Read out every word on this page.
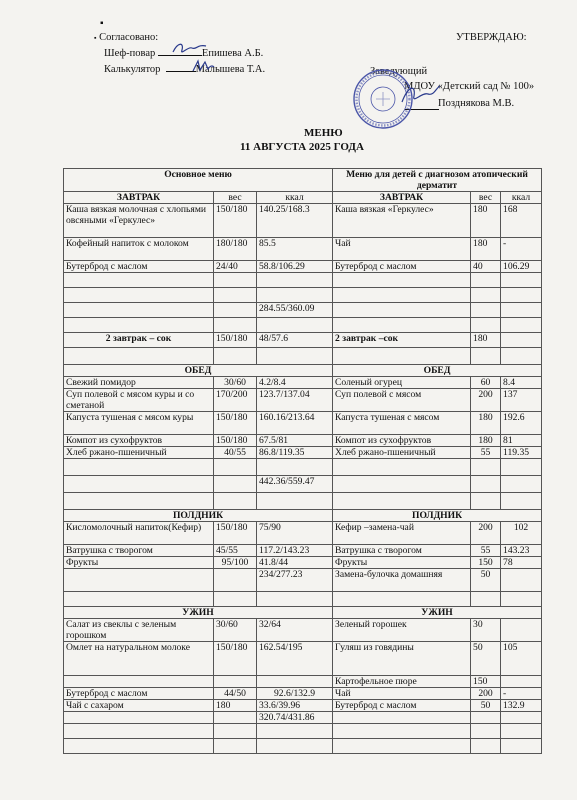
▪
▪ Согласовано:
Шеф-повар	Епишева А.Б.
Калькулятор	Малышева Т.А.
УТВЕРЖДАЮ:
Заведующий
МДОУ «Детский сад № 100»
Позднякова М.В.
МЕНЮ
11 АВГУСТА 2025 ГОДА
Основное меню			Меню для детей с диагнозом атопический дерматит		
ЗАВТРАК	вес	ккал	ЗАВТРАК	вес	ккал
Каша вязкая молочная с хлопьями овсяными «Геркулес»	150/180	140.25/168.3	Каша вязкая «Геркулес»	180	168
Кофейный напиток с молоком	180/180	85.5	Чай	180	-
Бутерброд с маслом	24/40	58.8/106.29	Бутерброд с маслом	40	106.29

		284.55/360.09			

2 завтрак – сок	150/180	48/57.6	2 завтрак –сок	180	

ОБЕД			ОБЕД		
Свежий помидор	30/60	4.2/8.4	Соленый огурец	60	8.4
Суп полевой с мясом куры и со сметаной	170/200	123.7/137.04	Суп полевой с мясом	200	137
Капуста тушеная с мясом куры	150/180	160.16/213.64	Капуста тушеная с мясом	180	192.6
Компот из сухофруктов	150/180	67.5/81	Компот из сухофруктов	180	81
Хлеб ржано-пшеничный	40/55	86.8/119.35	Хлеб ржано-пшеничный	55	119.35

		442.36/559.47			

ПОЛДНИК			ПОЛДНИК		
Кисломолочный напиток(Кефир)	150/180	75/90	Кефир –замена-чай	200	102
Ватрушка с творогом	45/55	117.2/143.23	Ватрушка с творогом	55	143.23
Фрукты	95/100	41.8/44	Фрукты	150	78
		234/277.23	Замена-булочка домашняя	50	

УЖИН			УЖИН		
Салат из свеклы с зеленым горошком	30/60	32/64	Зеленый горошек	30	
Омлет на натуральном молоке	150/180	162.54/195	Гуляш из говядины	50	105
			Картофельное пюре	150	
Бутерброд с маслом	44/50	92.6/132.9	Чай	200	-
Чай с сахаром	180	33.6/39.96	Бутерброд с маслом	50	132.9
		320.74/431.86			
